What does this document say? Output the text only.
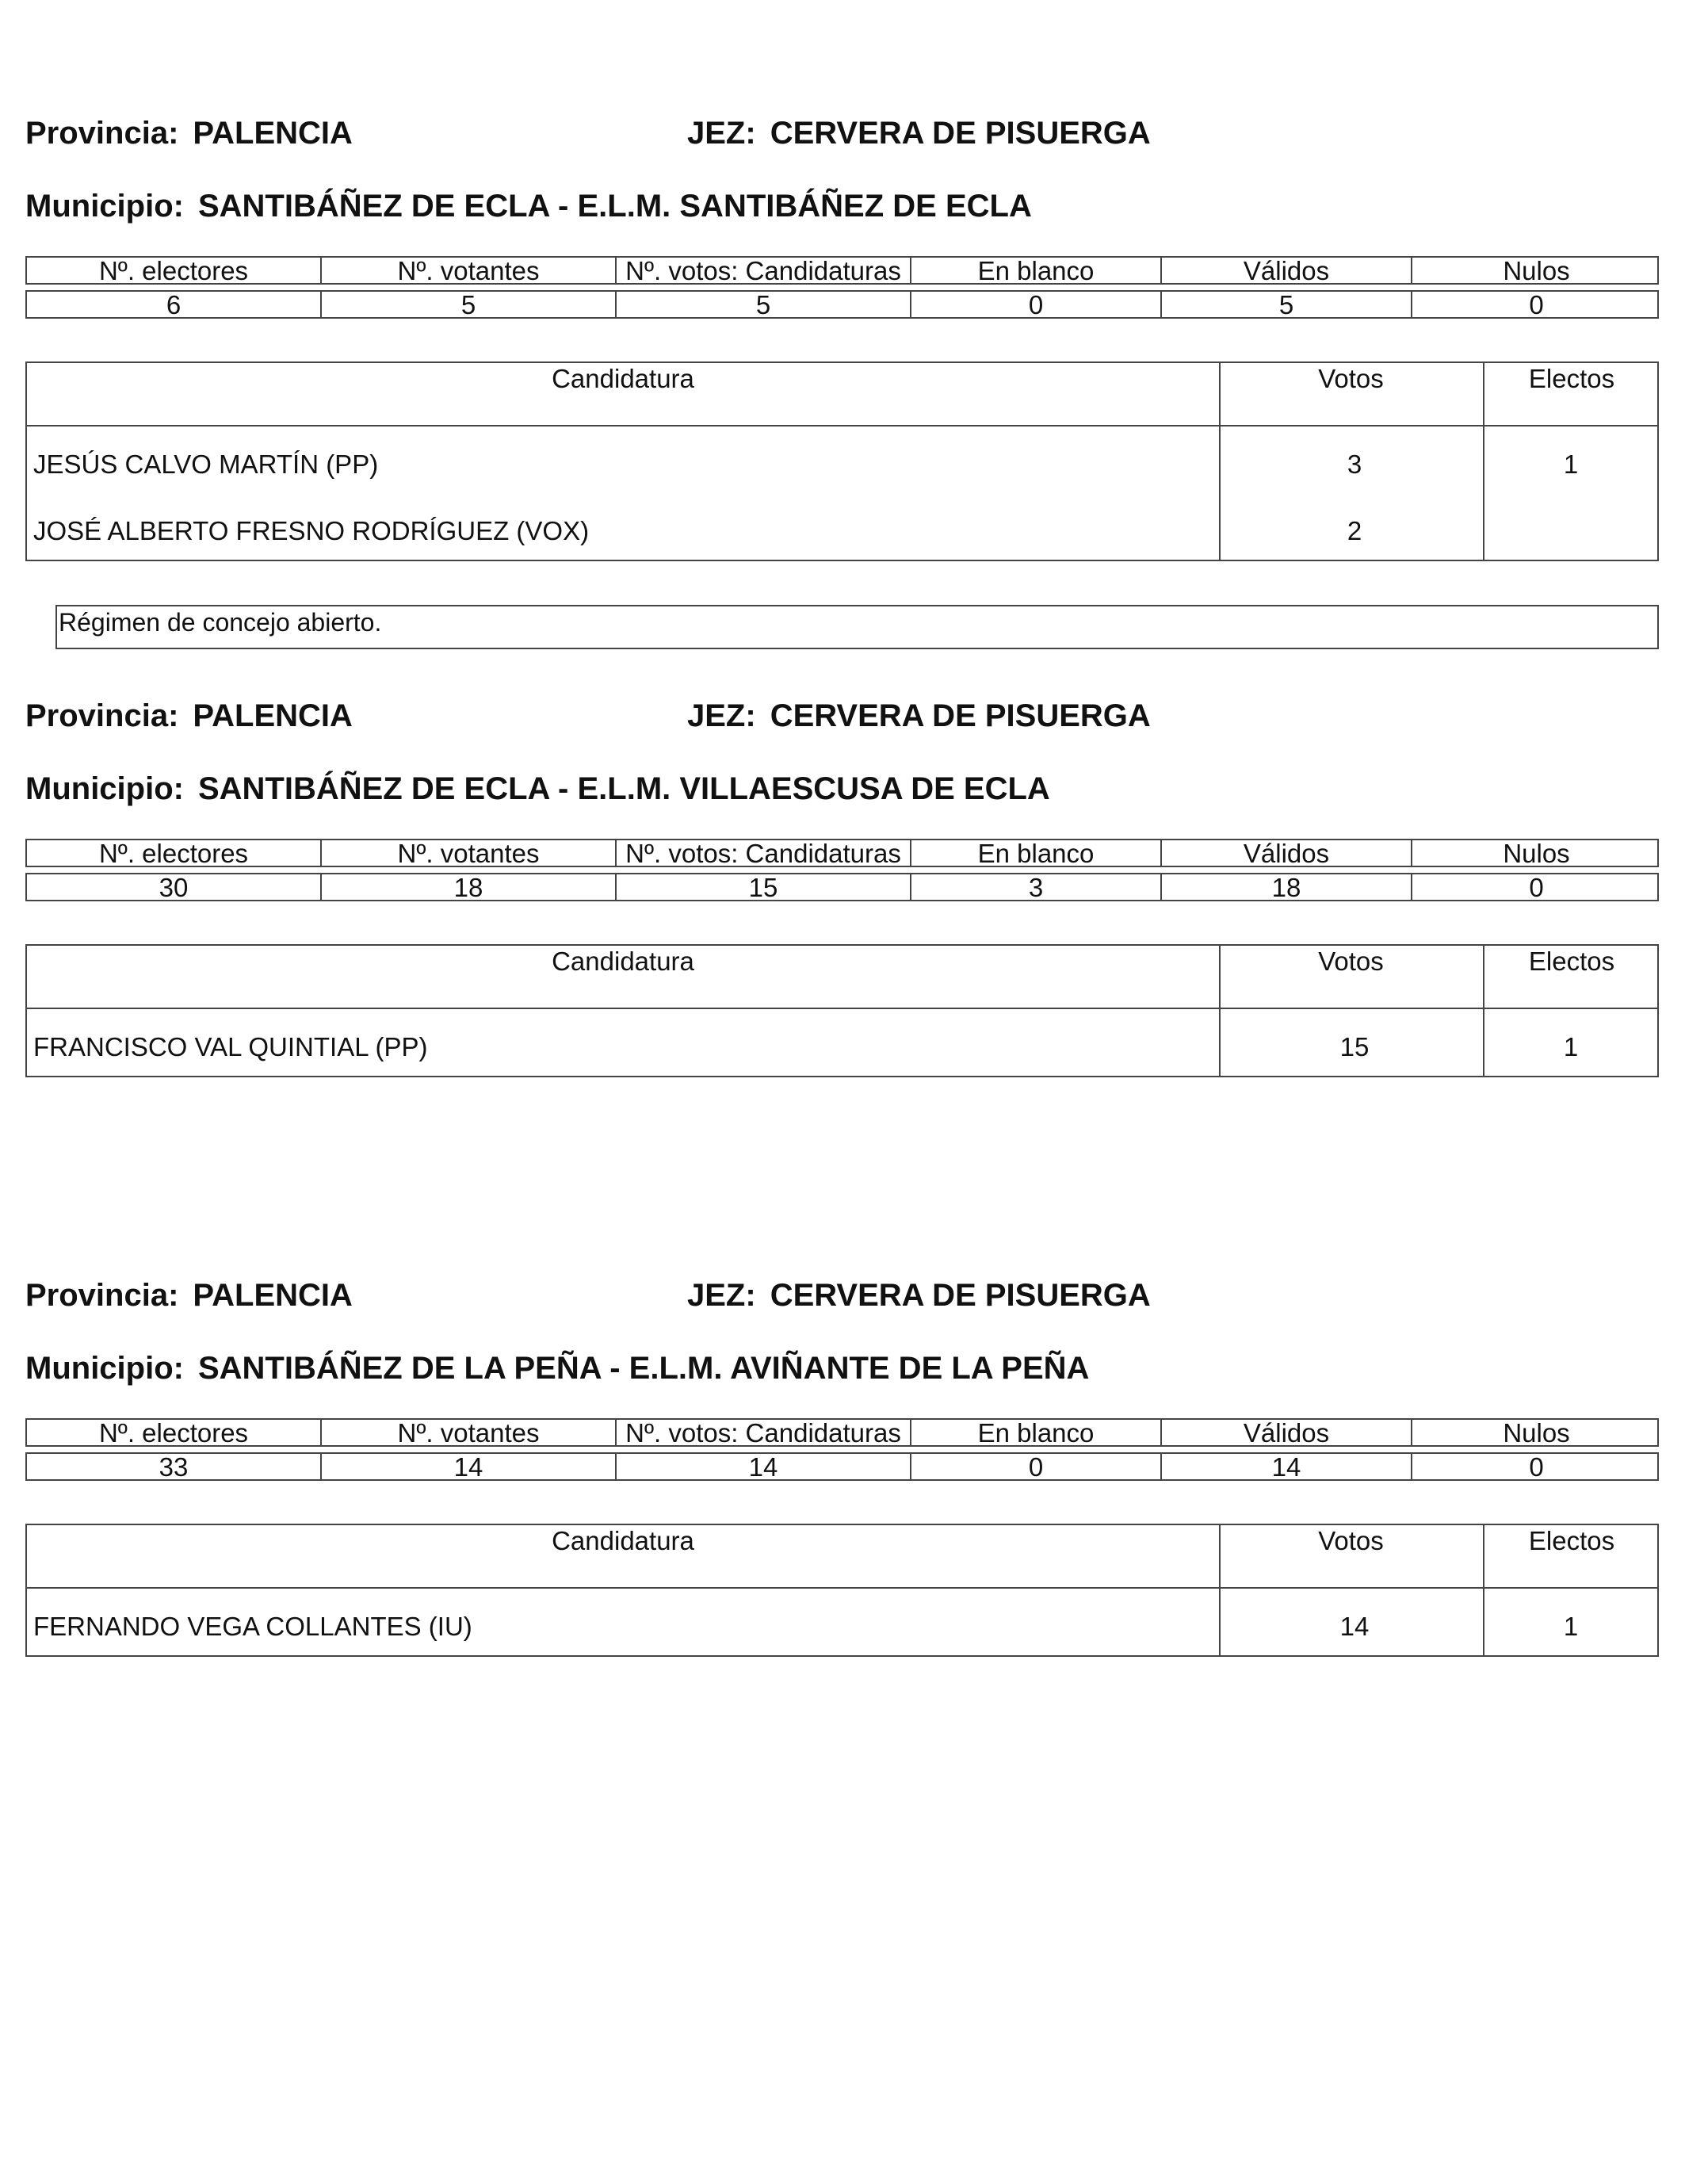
Provincia: PALENCIA	JEZ: CERVERA DE PISUERGA
Municipio: SANTIBÁÑEZ DE ECLA - E.L.M. SANTIBÁÑEZ DE ECLA
Nº. electores	Nº. votantes	Nº. votos: Candidaturas	En blanco	Válidos	Nulos
6	5	5	0	5	0
Candidatura	Votos	Electos
JESÚS CALVO MARTÍN (PP)	3	1
JOSÉ ALBERTO FRESNO RODRÍGUEZ (VOX)	2
Régimen de concejo abierto.
Provincia: PALENCIA	JEZ: CERVERA DE PISUERGA
Municipio: SANTIBÁÑEZ DE ECLA - E.L.M. VILLAESCUSA DE ECLA
Nº. electores	Nº. votantes	Nº. votos: Candidaturas	En blanco	Válidos	Nulos
30	18	15	3	18	0
Candidatura	Votos	Electos
FRANCISCO VAL QUINTIAL (PP)	15	1
Provincia: PALENCIA	JEZ: CERVERA DE PISUERGA
Municipio: SANTIBÁÑEZ DE LA PEÑA - E.L.M. AVIÑANTE DE LA PEÑA
Nº. electores	Nº. votantes	Nº. votos: Candidaturas	En blanco	Válidos	Nulos
33	14	14	0	14	0
Candidatura	Votos	Electos
FERNANDO VEGA COLLANTES (IU)	14	1
